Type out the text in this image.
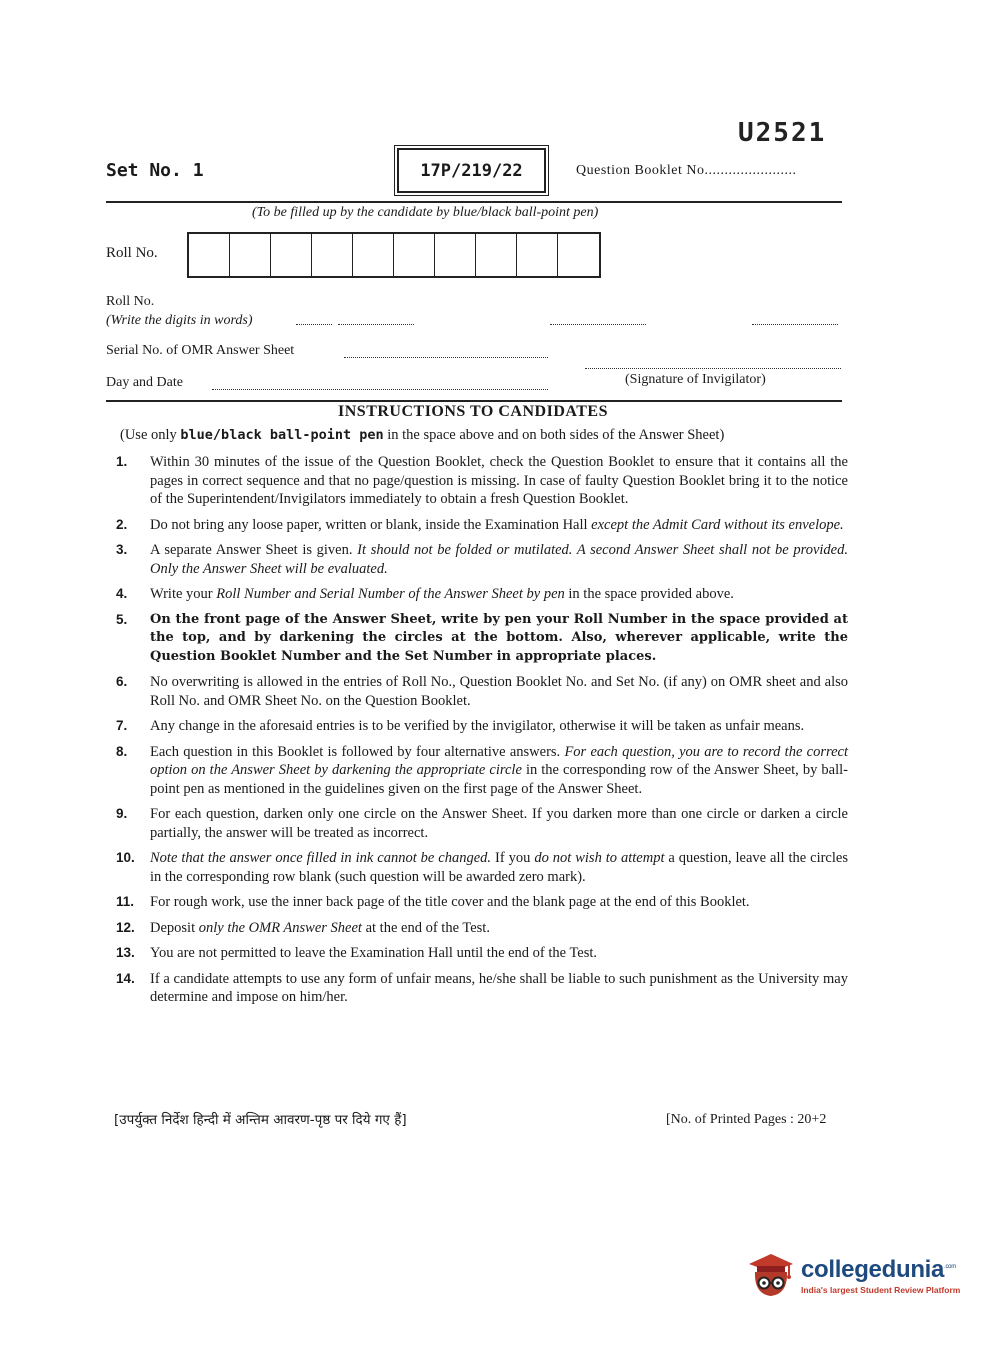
U2521
Set No. 1	17P/219/22	Question Booklet No.......................
(To be filled up by the candidate by blue/black ball-point pen)
Roll No.
Roll No.
(Write the digits in words)
Serial No. of OMR Answer Sheet
Day and Date	(Signature of Invigilator)
INSTRUCTIONS TO CANDIDATES
(Use only blue/black ball-point pen in the space above and on both sides of the Answer Sheet)
1.	Within 30 minutes of the issue of the Question Booklet, check the Question Booklet to ensure that it contains all the pages in correct sequence and that no page/question is missing. In case of faulty Question Booklet bring it to the notice of the Superintendent/Invigilators immediately to obtain a fresh Question Booklet.
2.	Do not bring any loose paper, written or blank, inside the Examination Hall except the Admit Card without its envelope.
3.	A separate Answer Sheet is given. It should not be folded or mutilated. A second Answer Sheet shall not be provided. Only the Answer Sheet will be evaluated.
4.	Write your Roll Number and Serial Number of the Answer Sheet by pen in the space provided above.
5.	On the front page of the Answer Sheet, write by pen your Roll Number in the space provided at the top, and by darkening the circles at the bottom. Also, wherever applicable, write the Question Booklet Number and the Set Number in appropriate places.
6.	No overwriting is allowed in the entries of Roll No., Question Booklet No. and Set No. (if any) on OMR sheet and also Roll No. and OMR Sheet No. on the Question Booklet.
7.	Any change in the aforesaid entries is to be verified by the invigilator, otherwise it will be taken as unfair means.
8.	Each question in this Booklet is followed by four alternative answers. For each question, you are to record the correct option on the Answer Sheet by darkening the appropriate circle in the corresponding row of the Answer Sheet, by ball-point pen as mentioned in the guidelines given on the first page of the Answer Sheet.
9.	For each question, darken only one circle on the Answer Sheet. If you darken more than one circle or darken a circle partially, the answer will be treated as incorrect.
10.	Note that the answer once filled in ink cannot be changed. If you do not wish to attempt a question, leave all the circles in the corresponding row blank (such question will be awarded zero mark).
11.	For rough work, use the inner back page of the title cover and the blank page at the end of this Booklet.
12.	Deposit only the OMR Answer Sheet at the end of the Test.
13.	You are not permitted to leave the Examination Hall until the end of the Test.
14.	If a candidate attempts to use any form of unfair means, he/she shall be liable to such punishment as the University may determine and impose on him/her.
[उपर्युक्त निर्देश हिन्दी में अन्तिम आवरण-पृष्ठ पर दिये गए हैं]	[No. of Printed Pages : 20+2
collegedunia$^{.com}$
India's largest Student Review Platform
